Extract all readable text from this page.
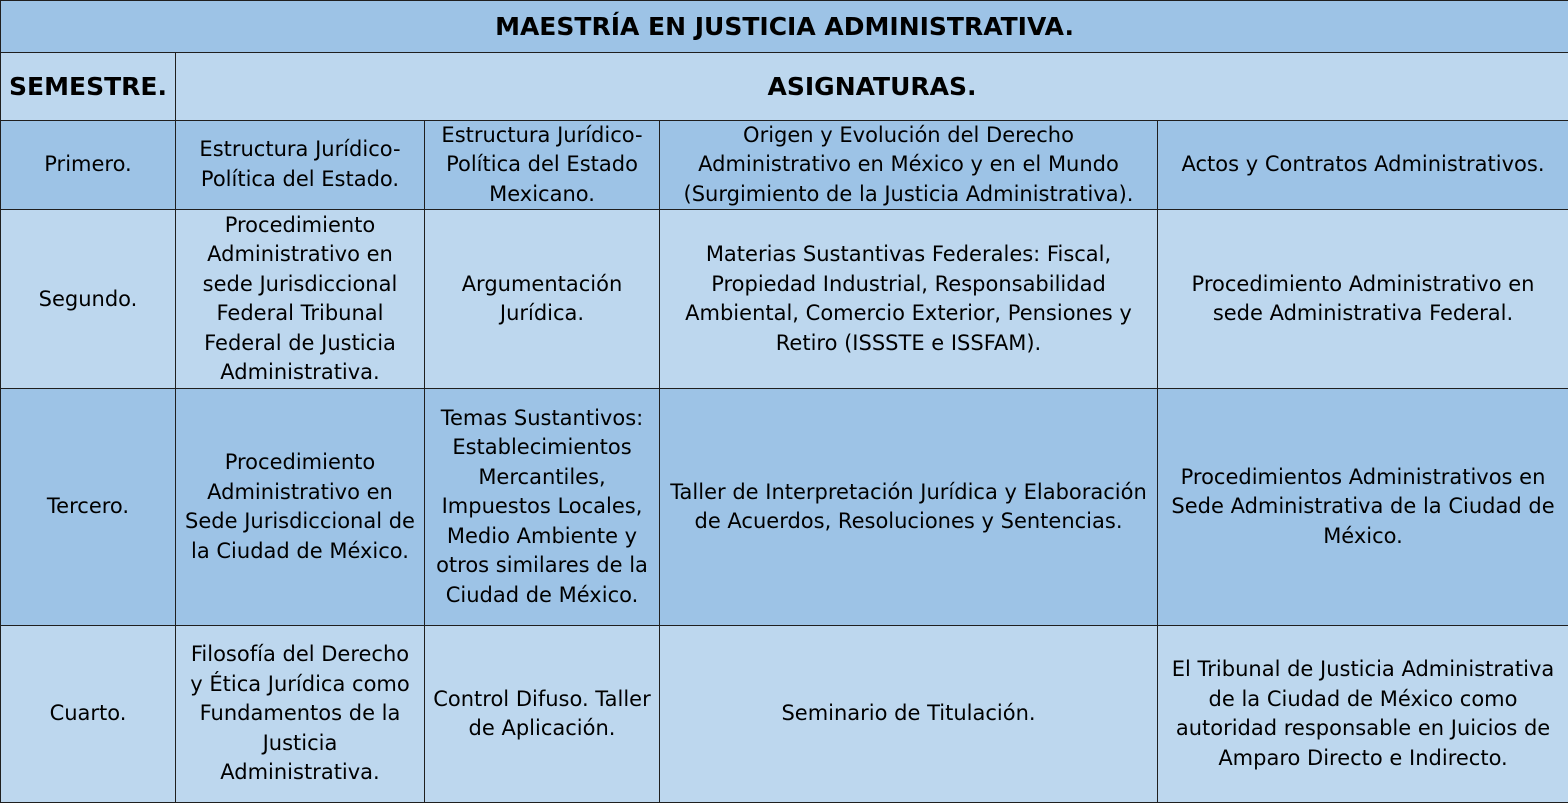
MAESTRÍA EN JUSTICIA ADMINISTRATIVA.				
SEMESTRE.	ASIGNATURAS.			
Primero.	Estructura Jurídico-Política del Estado.	Estructura Jurídico-Política del Estado Mexicano.	Origen y Evolución del Derecho Administrativo en México y en el Mundo (Surgimiento de la Justicia Administrativa).	Actos y Contratos Administrativos.
Segundo.	Procedimiento Administrativo en sede Jurisdiccional Federal Tribunal Federal de Justicia Administrativa.	Argumentación Jurídica.	Materias Sustantivas Federales: Fiscal, Propiedad Industrial, Responsabilidad Ambiental, Comercio Exterior, Pensiones y Retiro (ISSSTE e ISSFAM).	Procedimiento Administrativo en sede Administrativa Federal.
Tercero.	Procedimiento Administrativo en Sede Jurisdiccional de la Ciudad de México.	Temas Sustantivos: Establecimientos Mercantiles, Impuestos Locales, Medio Ambiente y otros similares de la Ciudad de México.	Taller de Interpretación Jurídica y Elaboración de Acuerdos, Resoluciones y Sentencias.	Procedimientos Administrativos en Sede Administrativa de la Ciudad de México.
Cuarto.	Filosofía del Derecho y Ética Jurídica como Fundamentos de la Justicia Administrativa.	Control Difuso. Taller de Aplicación.	Seminario de Titulación.	El Tribunal de Justicia Administrativa de la Ciudad de México como autoridad responsable en Juicios de Amparo Directo e Indirecto.
